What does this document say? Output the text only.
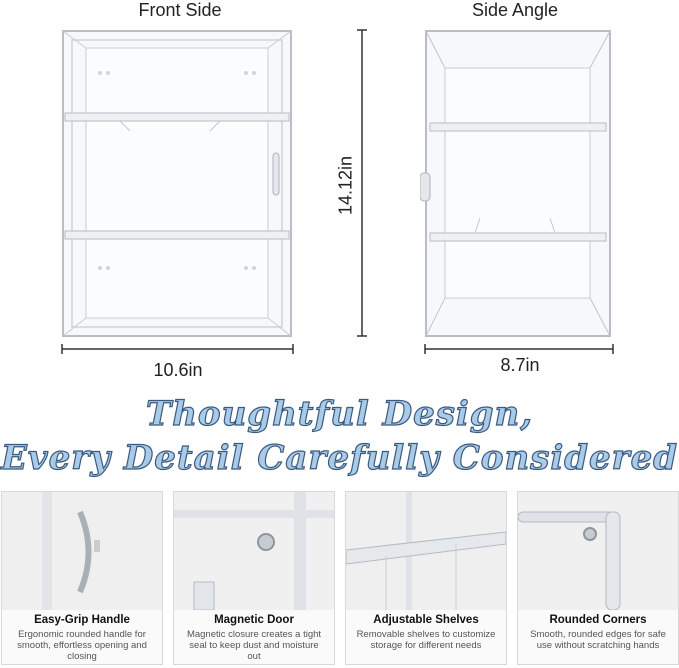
Front Side	Side Angle
14.12in
10.6in	8.7in
Thoughtful Design,
Every Detail Carefully Considered
Easy-Grip Handle
Ergonomic rounded handle for smooth, effortless opening and closing
Magnetic Door
Magnetic closure creates a tight seal to keep dust and moisture out
Adjustable Shelves
Removable shelves to customize storage for different needs
Rounded Corners
Smooth, rounded edges for safe use without scratching hands
